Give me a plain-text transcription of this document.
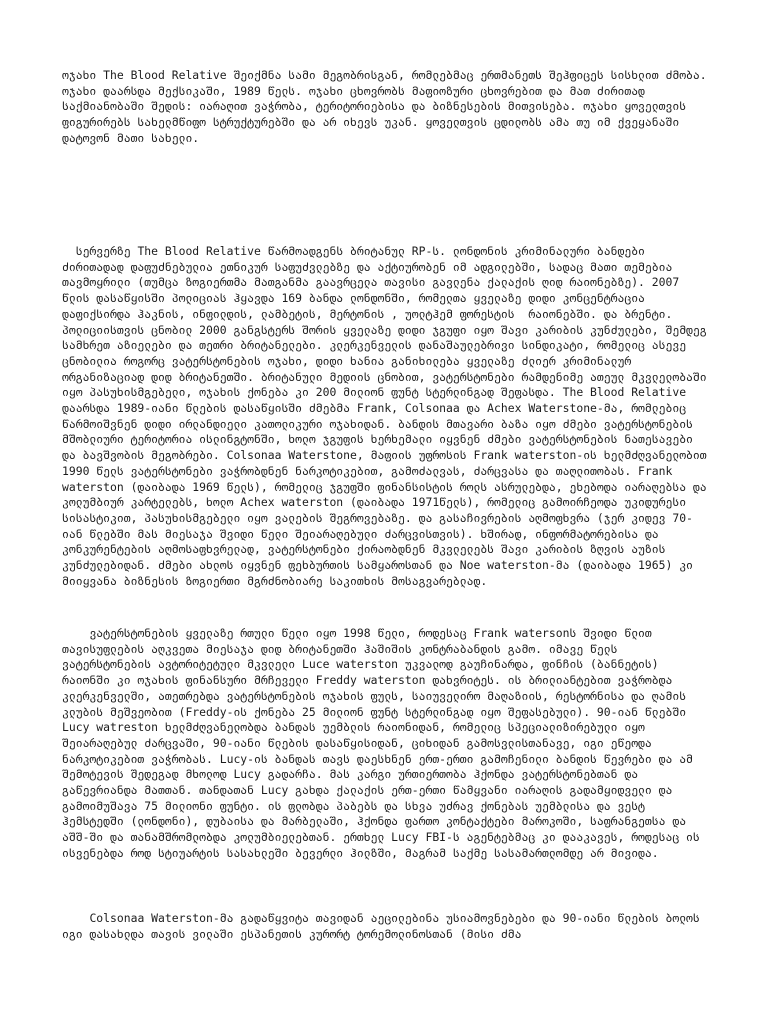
ოჯახი The Blood Relative შეიქმნა სამი მეგობრისგან, რომლებმაც ერთმანეთს შეჰფიცეს სისხლით ძმობა. ოჯახი დაარსდა მექსიკაში, 1989 წელს. ოჯახი ცხოვრობს მაფიოზური ცხოვრებით და მათ ძირითად საქმიანობაში შედის: იარაღით ვაჭრობა, ტერიტორიებისა და ბიზნესების მითვისება. ოჯახი ყოველთვის ფიგურირებს სახელმწიფო სტრუქტურებში და არ იხევს უკან. ყოველთვის ცდილობს ამა თუ იმ ქვეყანაში დატოვონ მათი სახელი.

სერვერზე The Blood Relative წარმოადგენს ბრიტანულ RP-ს. ლონდონის კრიმინალური ბანდები ძირითადად დაფუძნებულია ეთნიკურ საფუძვლებზე და აქტიურობენ იმ ადგილებში, სადაც მათი თემებია თავმოყრილი (თუმცა ზოგიერთმა მათგანმა გაავრცელა თავისი გავლენა ქალაქის ღიდ რაიონებზე). 2007 წლის დასაწყისში პოლიციას ჰყავდა 169 ბანდა ლონდონში, რომელთა ყველაზე დიდი კონცენტრაცია დაფიქსირდა ჰაკნის, ინფილდის, ლამბეტის, მერტონის , უოლტჰემ ფორესტის  რაიონებში. და ბრენტი. პოლიციისთვის ცნობილ 2000 განგსტერს შორის ყველაზე დიდი ჯგუფი იყო შავი კარიბის კუნძულები, შემდეგ სამხრეთ აზიელები და თეთრი ბრიტანელები. კლერკენველის დანაშაულებრივი სინდიკატი, რომელიც ასევე ცნობილია როგორც ვატერსტონების ოჯახი, დიდი ხანია განიხილება ყველაზე ძლიერ კრიმინალურ ორგანიზაციად დიდ ბრიტანეთში. ბრიტანული მედიის ცნობით, ვატერსტონები რამდენიმე ათეულ მკვლელობაში იყო პასუხისმგებელი, ოჯახის ქონება კი 200 მილიონ ფუნტ სტერლინგად შეფასდა. The Blood Relative დაარსდა 1989-იანი წლების დასაწყისში ძმებმა Frank, Colsonaa და Achex Waterstone-მა, რომლებიც წარმოიშვნენ დიდი ირლანდიელი კათოლიკური ოჯახიდან. ბანდის მთავარი ბაზა იყო ძმები ვატერსტონების მშობლიური ტერიტორია ისლინგტონში, ხოლო ჯგუფის ხერხემალი იყვნენ ძმები ვატერსტონების ნათესავები და ბავშვობის მეგობრები. Colsonaa Waterstone, მაფიის უფროსის Frank waterston-ის ხელმძღვანელობით  1990 წელს ვატერსტონები ვაჭრობდნენ ნარკოტიკებით, გამოძალვას, ძარცვასა და თაღლითობას. Frank waterston (დაიბადა 1969 წელს), რომელიც ჯგუფში ფინანსისტის როლს ასრულებდა, ეხებოდა იარაღებსა და კოლუმბიურ კარტელებს, ხოლო Achex waterston (დაიბადა 1971წელს), რომელიც გამოირჩეოდა უკიდურესი სისასტიკით, პასუხისმგებელი იყო ვალების შეგროვებაზე. და გასაჩივრების აღმოფხვრა (ჯერ კიდევ 70-იან წლებში მას მიესაჯა შვიდი წელი შეიარაღებული ძარცვისთვის). ხშირად, ინფორმატორებისა და კონკურენტების აღმოსაფხვრელად, ვატერსტონები ქირაობდნენ მკვლელებს შავი კარიბის ზღვის აუზის კუნძულებიდან. ძმები ახლოს იყვნენ ფეხბურთის სამყაროსთან და Noe waterston-მა (დაიბადა 1965) კი მიიყვანა ბიზნესის ზოგიერთი მგრძნობიარე საკითხის მოსაგვარებლად.

ვატერსტონების ყველაზე რთული წელი იყო 1998 წელი, როდესაც Frank watersonს შვიდი წლით თავისუფლების აღკვეთა მიესაჯა დიდ ბრიტანეთში ჰაშიშის კონტრაბანდის გამო. იმავე წელს ვატერსტონების ავტორიტეტული მკვლელი Luce waterston უკვალოდ გაუჩინარდა, ფინჩის (ბანნეტის) რაიონში კი ოჯახის ფინანსური მრჩეველი Freddy waterston დახვრიტეს. ის ბრილიანტებით ვაჭრობდა კლერკენველში, ათეთრებდა ვატერსტონების ოჯახის ფულს, საიუველირო მაღაზიის, რესტორნისა და ღამის კლუბის მეშვეობით (Freddy-ის ქონება 25 მილიონ ფუნტ სტერლინგად იყო შეფასებული). 90-იან წლებში Lucy watreston ხელმძღვანელობდა ბანდას უემბლის რაიონიდან, რომელიც სპეციალიზირებული იყო შეიარაღებულ ძარცვაში, 90-იანი წლების დასაწყისიდან, ციხიდან გამოსვლისთანავე, იგი ეწეოდა ნარკოტიკებით ვაჭრობას. Lucy-ის ბანდას თავს დაესხნენ ერთ-ერთი გამოჩენილი ბანდის წევრები და ამ შემოტევის შედეგად მხოლოდ Lucy გადარჩა. მას კარგი ურთიერთობა ჰქონდა ვატერსტონებთან და გაწევრიანდა მათთან. თანდათან Lucy გახდა ქალაქის ერთ-ერთი წამყვანი იარაღის გადამყიდველი და გამოიმუშავა 75 მილიონი ფუნტი. ის ფლობდა პაბებს და სხვა უძრავ ქონებას უემბლისა და ვესტ ჰემსტედში (ლონდონი), დუბაისა და მარბელაში, ჰქონდა ფართო კონტაქტები მაროკოში, საფრანგეთსა და აშშ-ში და თანამშრომლობდა კოლუმბიელებთან. ერთხელ Lucy FBI-ს აგენტებმაც კი დააკავეს, როდესაც ის ისვენებდა როდ სტიუარტის სასახლეში ბევერლი ჰილზში, მაგრამ საქმე სასამართლომდე არ მივიდა.

Colsonaa Waterston-მა გადაწყვიტა თავიდან აეცილებინა უსიამოვნებები და 90-იანი წლების ბოლოს იგი დასახლდა თავის ვილაში ესპანეთის კურორტ ტორემოლინოსთან (მისი ძმა
